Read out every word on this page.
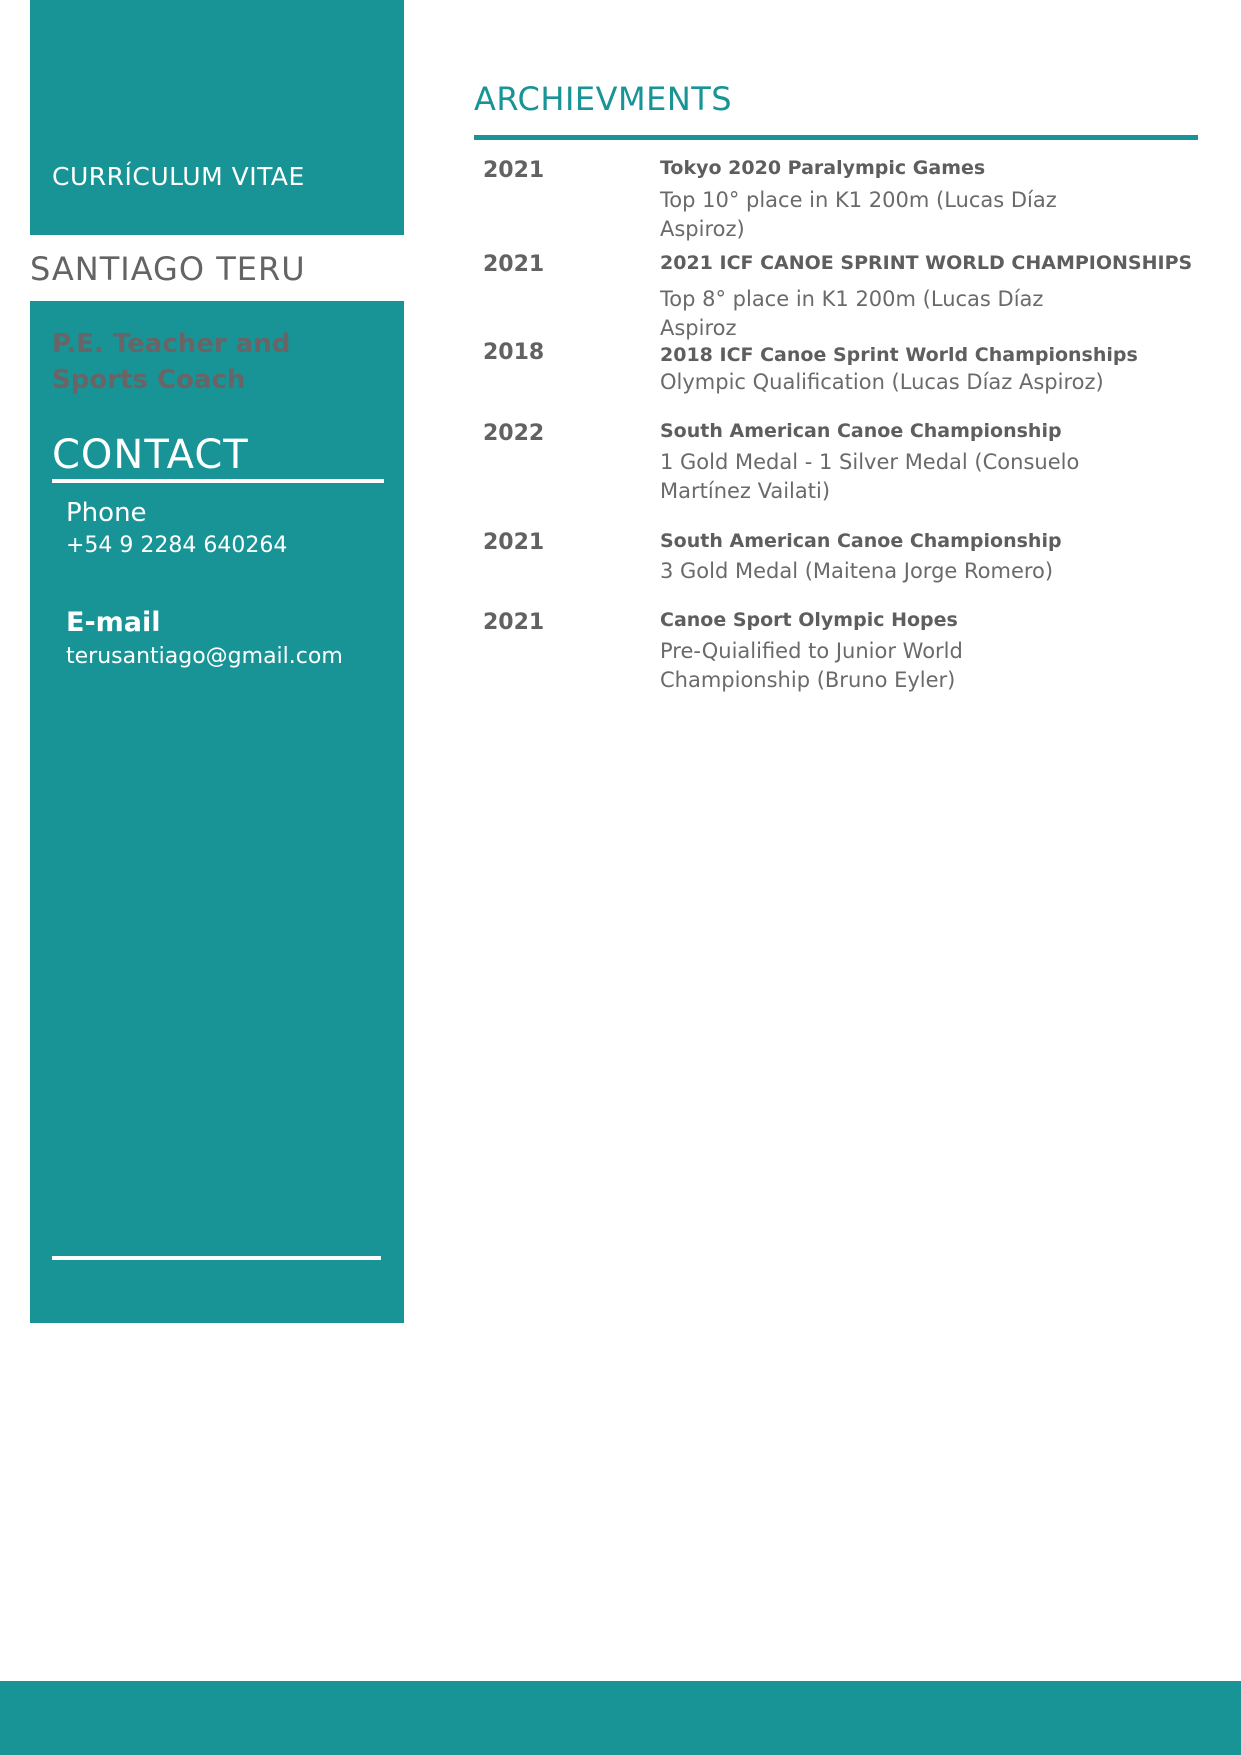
CURRÍCULUM VITAE
SANTIAGO TERU
P.E. Teacher and Sports Coach
CONTACT
Phone
+54 9 2284 640264
E-mail
terusantiago@gmail.com
ARCHIEVMENTS
2021	Tokyo 2020 Paralympic Games
Top 10° place in K1 200m (Lucas Díaz Aspiroz)
2021	2021 ICF CANOE SPRINT WORLD CHAMPIONSHIPS
Top 8° place in K1 200m (Lucas Díaz Aspiroz
2018	2018 ICF Canoe Sprint World Championships
Olympic Qualification (Lucas Díaz Aspiroz)
2022	South American Canoe Championship
1 Gold Medal - 1 Silver Medal (Consuelo Martínez Vailati)
2021	South American Canoe Championship
3 Gold Medal (Maitena Jorge Romero)
2021	Canoe Sport Olympic Hopes
Pre-Quialified to Junior World Championship (Bruno Eyler)
